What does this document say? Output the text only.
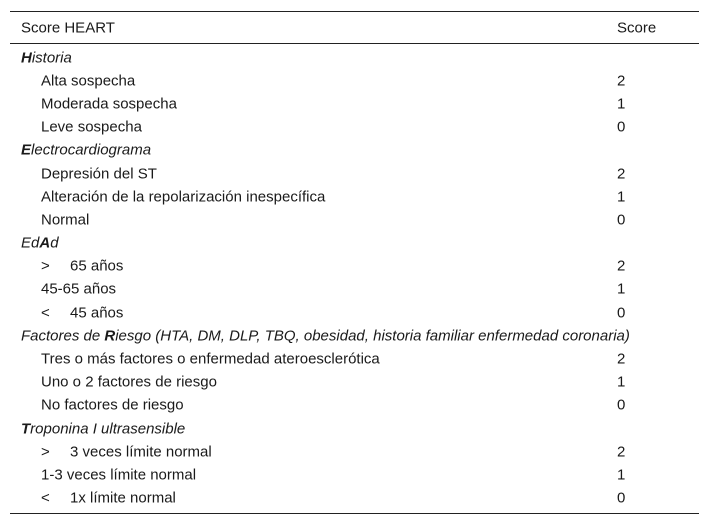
Score HEART	Score
Historia
Alta sospecha	2
Moderada sospecha	1
Leve sospecha	0
Electrocardiograma
Depresión del ST	2
Alteración de la repolarización inespecífica	1
Normal	0
EdAd
> 65 años	2
45-65 años	1
< 45 años	0
Factores de Riesgo (HTA, DM, DLP, TBQ, obesidad, historia familiar enfermedad coronaria)
Tres o más factores o enfermedad ateroesclerótica	2
Uno o 2 factores de riesgo	1
No factores de riesgo	0
Troponina I ultrasensible
> 3 veces límite normal	2
1-3 veces límite normal	1
< 1x límite normal	0
